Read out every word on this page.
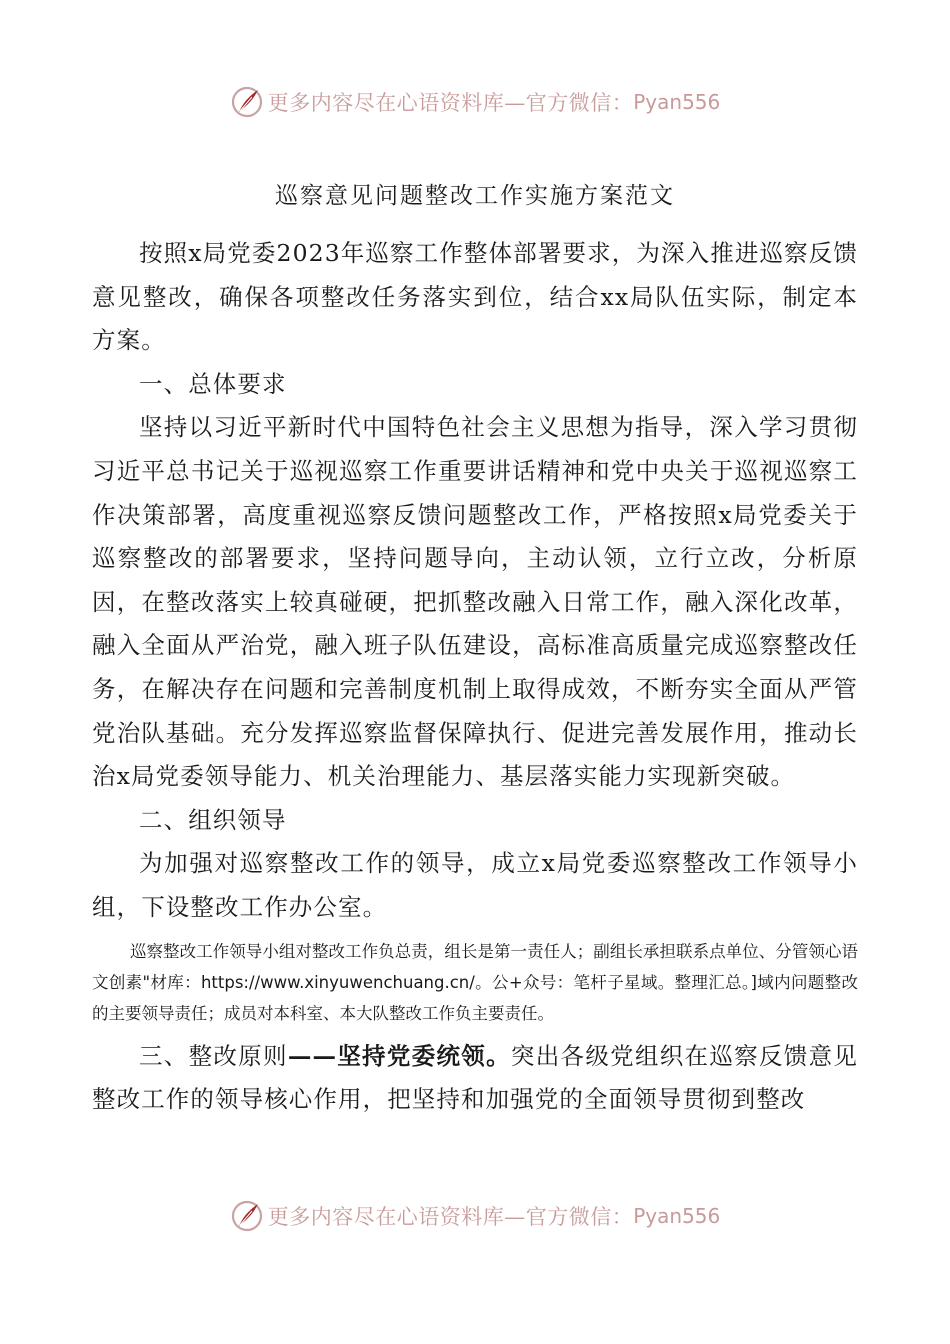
更多内容尽在心语资料库—官方微信： Pyan556
巡察意见问题整改工作实施方案范文

按照x局党委2023年巡察工作整体部署要求，为深入推进巡察反馈意见整改，确保各项整改任务落实到位，结合xx局队伍实际，制定本方案。

一、总体要求

坚持以习近平新时代中国特色社会主义思想为指导，深入学习贯彻习近平总书记关于巡视巡察工作重要讲话精神和党中央关于巡视巡察工作决策部署，高度重视巡察反馈问题整改工作，严格按照x局党委关于巡察整改的部署要求，坚持问题导向，主动认领，立行立改，分析原因，在整改落实上较真碰硬，把抓整改融入日常工作，融入深化改革，融入全面从严治党，融入班子队伍建设，高标准高质量完成巡察整改任务，在解决存在问题和完善制度机制上取得成效，不断夯实全面从严管党治队基础。充分发挥巡察监督保障执行、促进完善发展作用，推动长治x局党委领导能力、机关治理能力、基层落实能力实现新突破。

二、组织领导

为加强对巡察整改工作的领导，成立x局党委巡察整改工作领导小组，下设整改工作办公室。

巡察整改工作领导小组对整改工作负总责，组长是第一责任人；副组长承担联系点单位、分管领心语文创素"材库：https://www.xinyuwenchuang.cn/。公+众号：笔杆子星域。整理汇总。]域内问题整改的主要领导责任；成员对本科室、本大队整改工作负主要责任。

三、整改原则——坚持党委统领。突出各级党组织在巡察反馈意见整改工作的领导核心作用，把坚持和加强党的全面领导贯彻到整改

更多内容尽在心语资料库—官方微信： Pyan556
